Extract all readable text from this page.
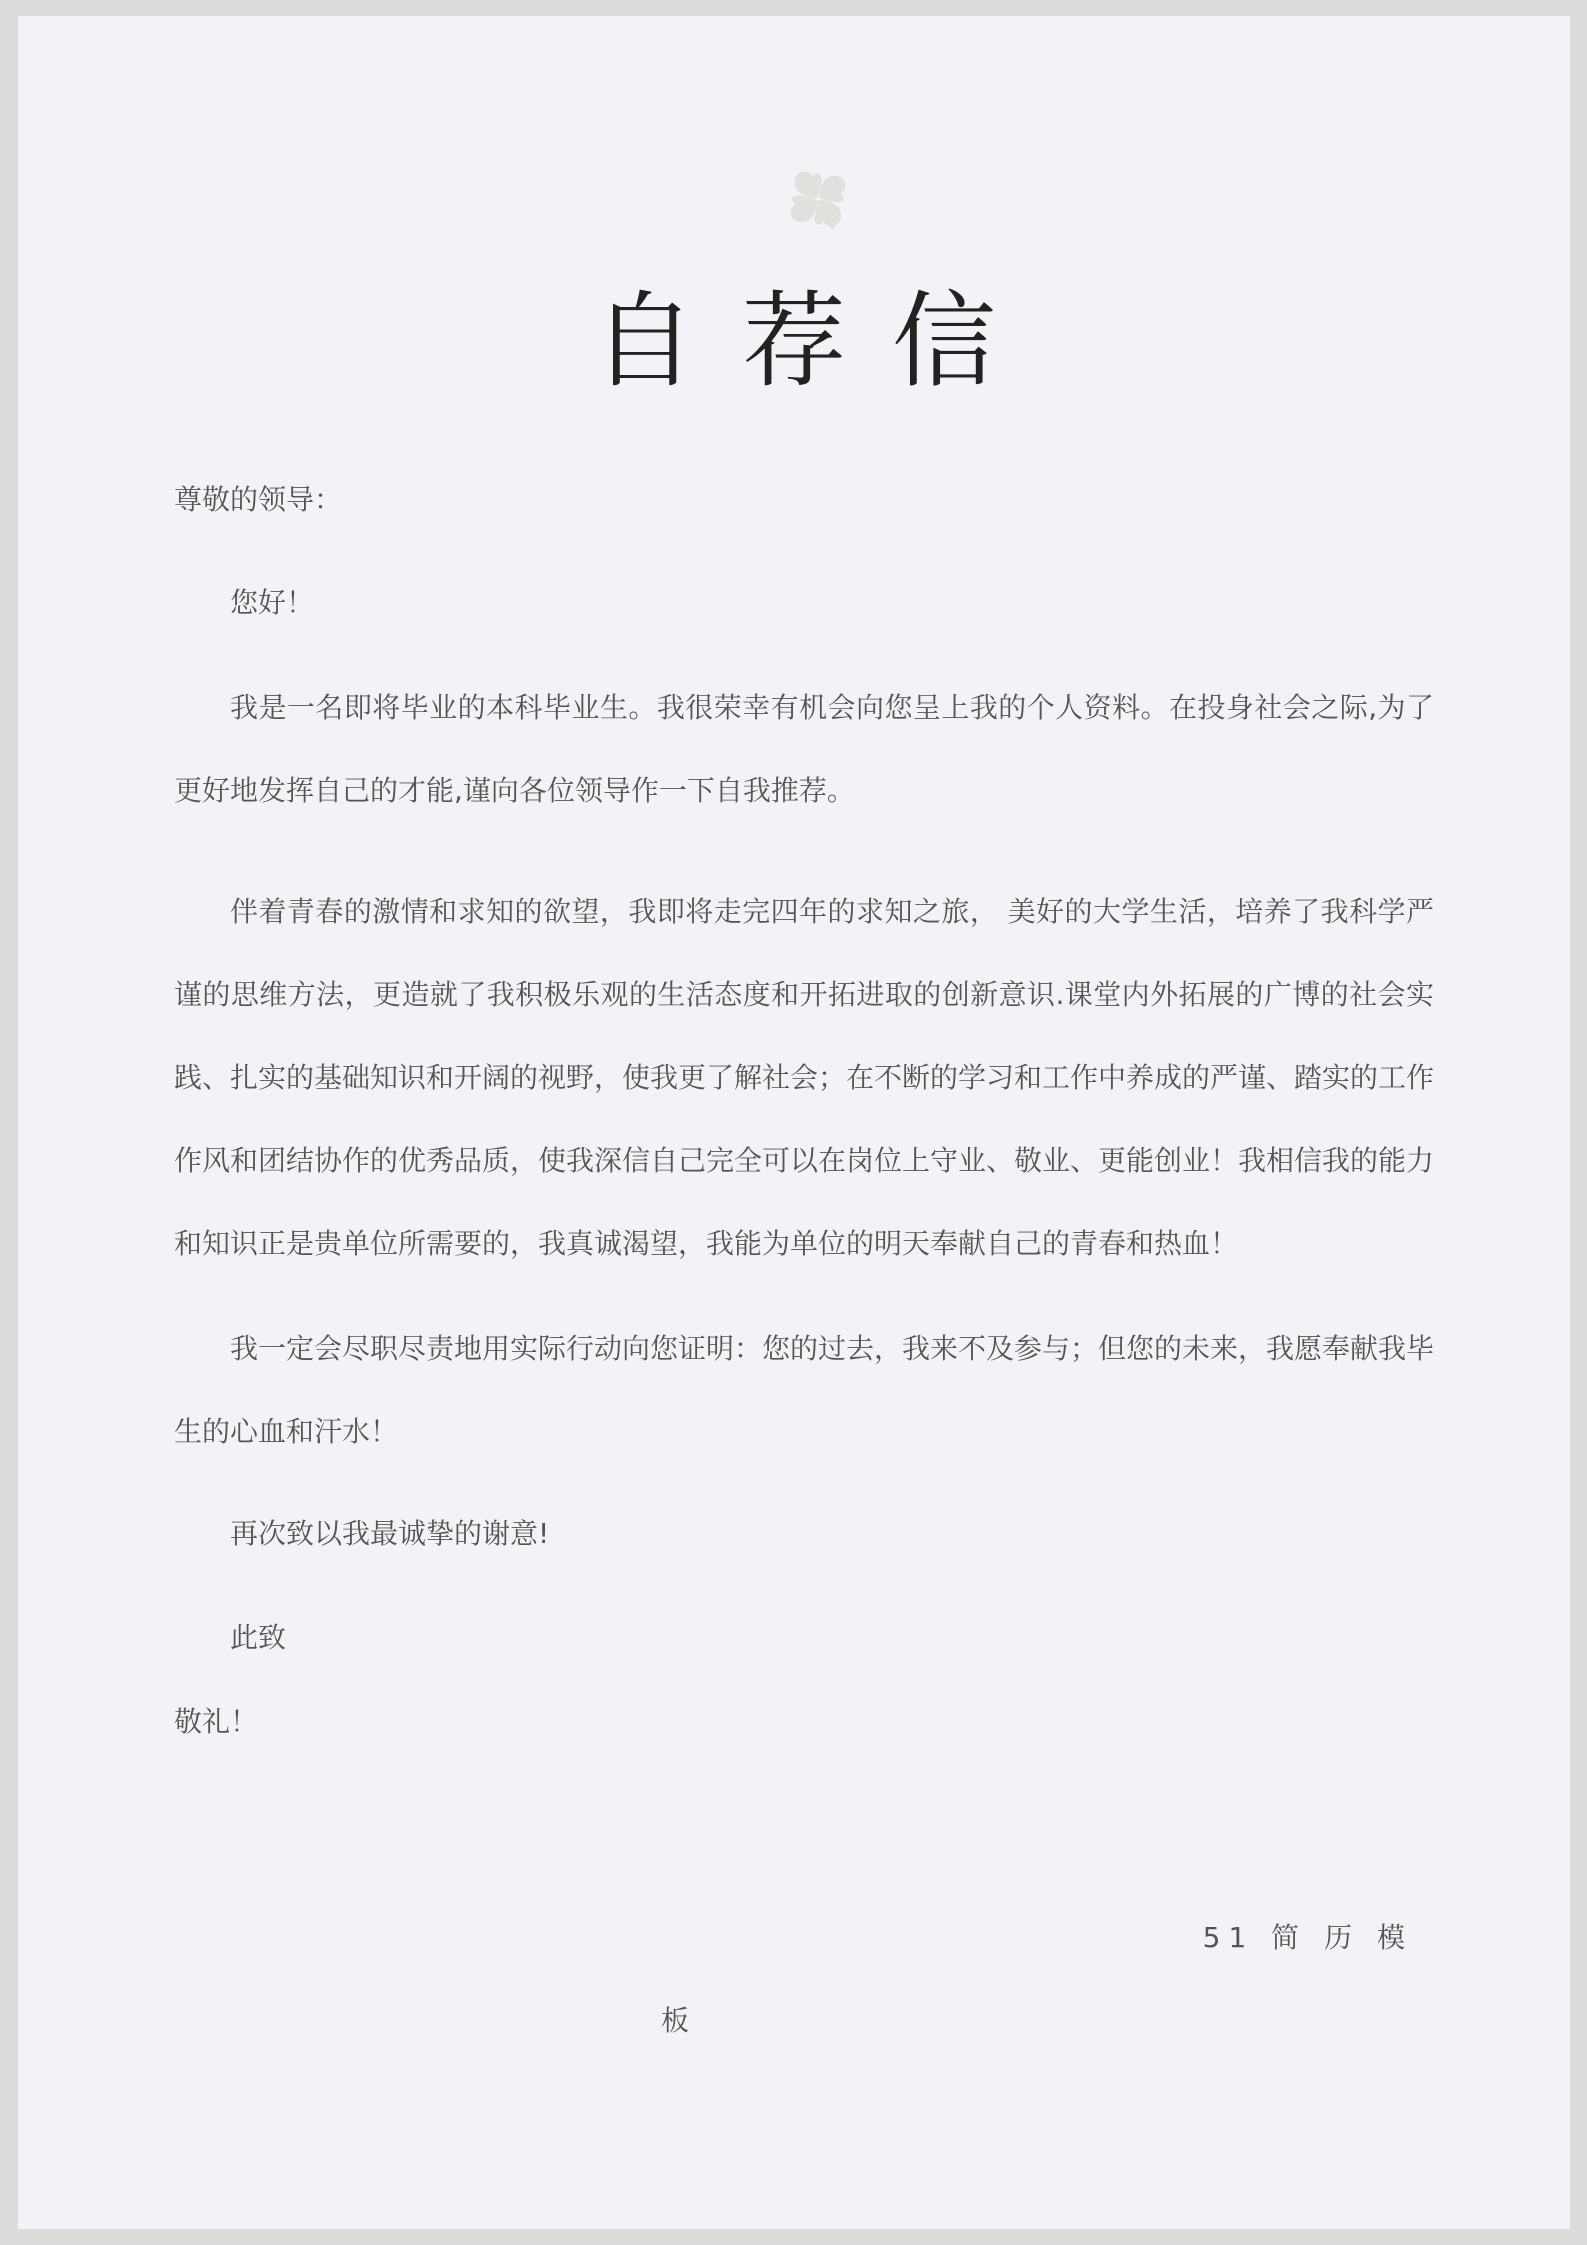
自荐信

尊敬的领导：

您好！

我是一名即将毕业的本科毕业生。我很荣幸有机会向您呈上我的个人资料。在投身社会之际,为了更好地发挥自己的才能,谨向各位领导作一下自我推荐。

伴着青春的激情和求知的欲望，我即将走完四年的求知之旅， 美好的大学生活，培养了我科学严谨的思维方法，更造就了我积极乐观的生活态度和开拓进取的创新意识.课堂内外拓展的广博的社会实践、扎实的基础知识和开阔的视野，使我更了解社会；在不断的学习和工作中养成的严谨、踏实的工作作风和团结协作的优秀品质，使我深信自己完全可以在岗位上守业、敬业、更能创业！我相信我的能力和知识正是贵单位所需要的，我真诚渴望，我能为单位的明天奉献自己的青春和热血！

我一定会尽职尽责地用实际行动向您证明：您的过去，我来不及参与；但您的未来，我愿奉献我毕生的心血和汗水！

再次致以我最诚挚的谢意!

此致

敬礼！

51 简 历 模

板
